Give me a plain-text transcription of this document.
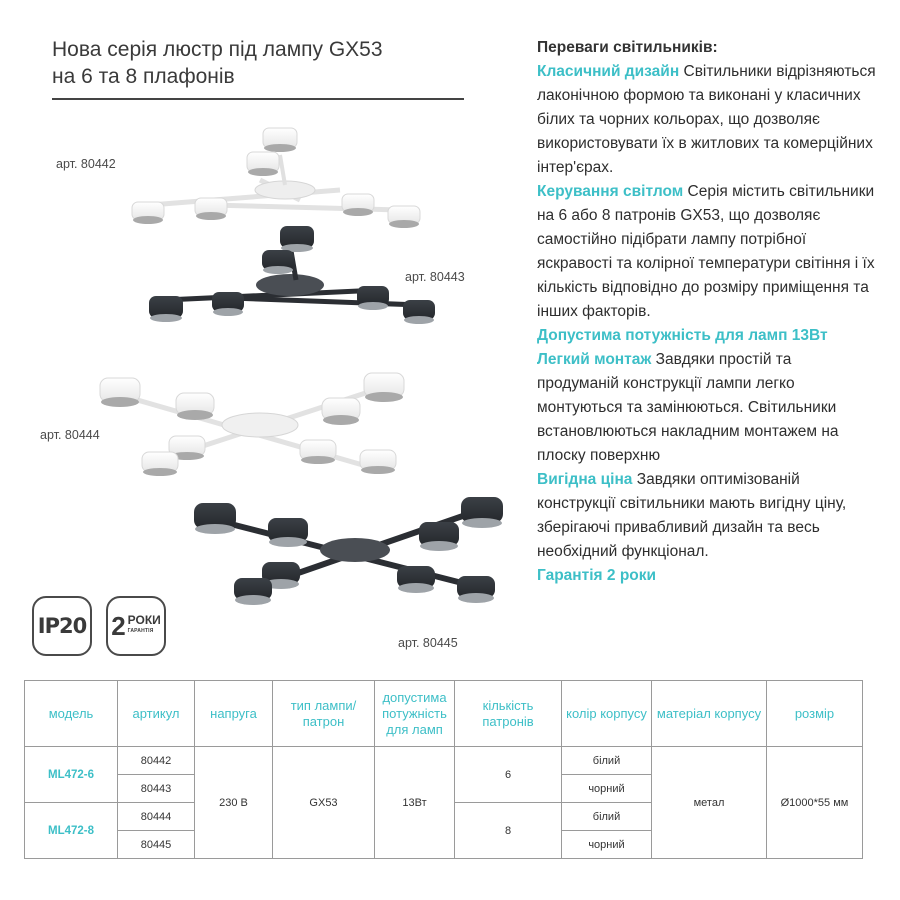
Нова серія люстр під лампу GX53
на 6 та 8 плафонів
арт. 80442
арт. 80443
арт. 80444
арт. 80445
IP20 2 РОКИ
ГАРАНТІЯ
Переваги світильників:
Класичний дизайн Світильники відрізняються лаконічною формою та виконані у класичних білих та чорних кольорах, що дозволяє використовувати їх в житлових та комерційних інтер'єрах.
Керування світлом Серія містить світильники на 6 або 8 патронів GX53, що дозволяє самостійно підібрати лампу потрібної яскравості та колірної температури світіння і їх кількість відповідно до розміру приміщення та інших факторів.
Допустима потужність для ламп 13Вт
Легкий монтаж Завдяки простій та продуманій конструкції лампи легко монтуються та замінюються. Світильники встановлюються накладним монтажем на плоску поверхню
Вигідна ціна Завдяки оптимізованій конструкції світильники мають вигідну ціну, зберігаючі привабливий дизайн та весь необхідний функціонал.
Гарантія 2 роки
модель	артикул	напруга	тип лампи/ патрон	допустима потужність для ламп	кількість патронів	колір корпусу	матеріал корпусу	розмір
ML472-6	80442	230 В	GX53	13Вт	6	білий	метал	Ø1000*55 мм
	80443					чорний		
ML472-8	80444				8	білий		
	80445					чорний		
